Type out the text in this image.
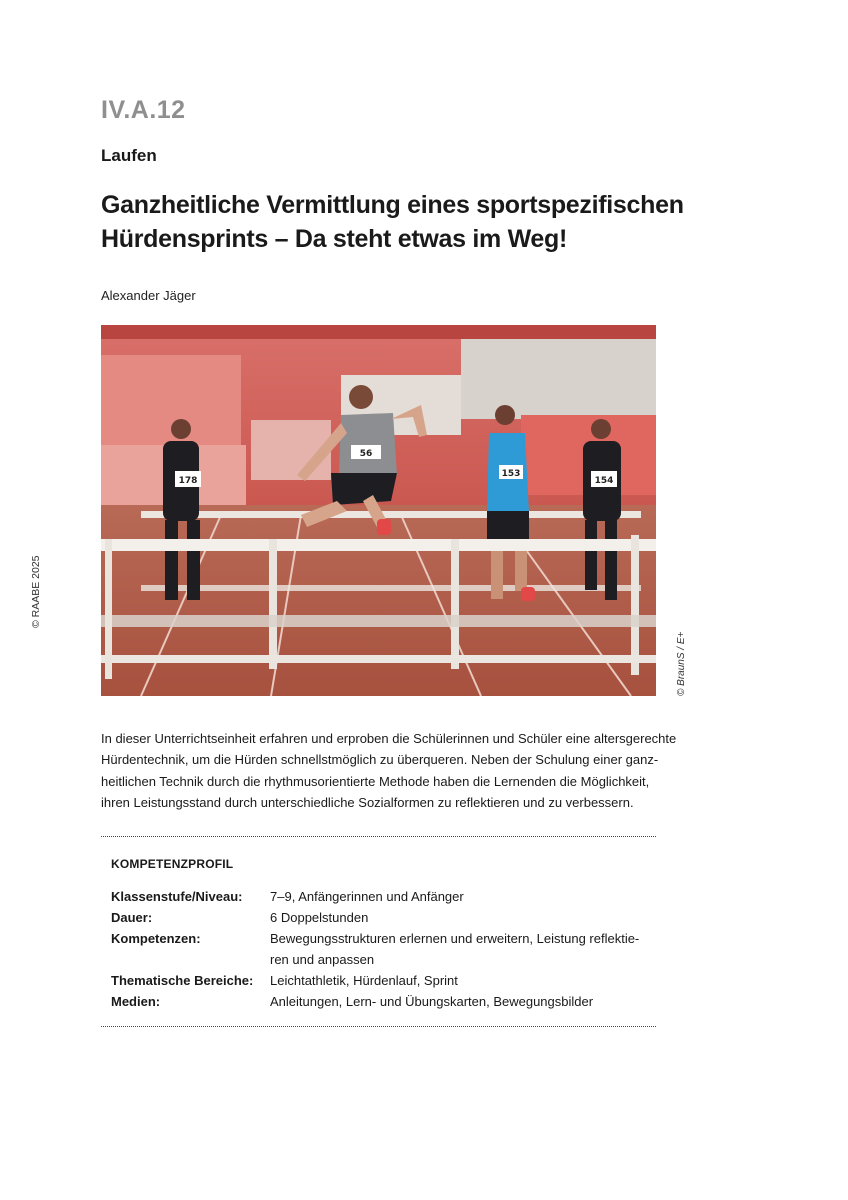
IV.A.12
Laufen
Ganzheitliche Vermittlung eines sportspezifischen
Hürdensprints – Da steht etwas im Weg!
Alexander Jäger
© RAABE 2025
178
56
153
154
© BraunS / E+
In dieser Unterrichtseinheit erfahren und erproben die Schülerinnen und Schüler eine altersgerechte
Hürdentechnik, um die Hürden schnellstmöglich zu überqueren. Neben der Schulung einer ganz-
heitlichen Technik durch die rhythmusorientierte Methode haben die Lernenden die Möglichkeit,
ihren Leistungsstand durch unterschiedliche Sozialformen zu reflektieren und zu verbessern.
KOMPETENZPROFIL
Klassenstufe/Niveau:	7–9, Anfängerinnen und Anfänger
Dauer:	6 Doppelstunden
Kompetenzen:	Bewegungsstrukturen erlernen und erweitern, Leistung reflektie-
ren und anpassen
Thematische Bereiche:	Leichtathletik, Hürdenlauf, Sprint
Medien:	Anleitungen, Lern- und Übungskarten, Bewegungsbilder
